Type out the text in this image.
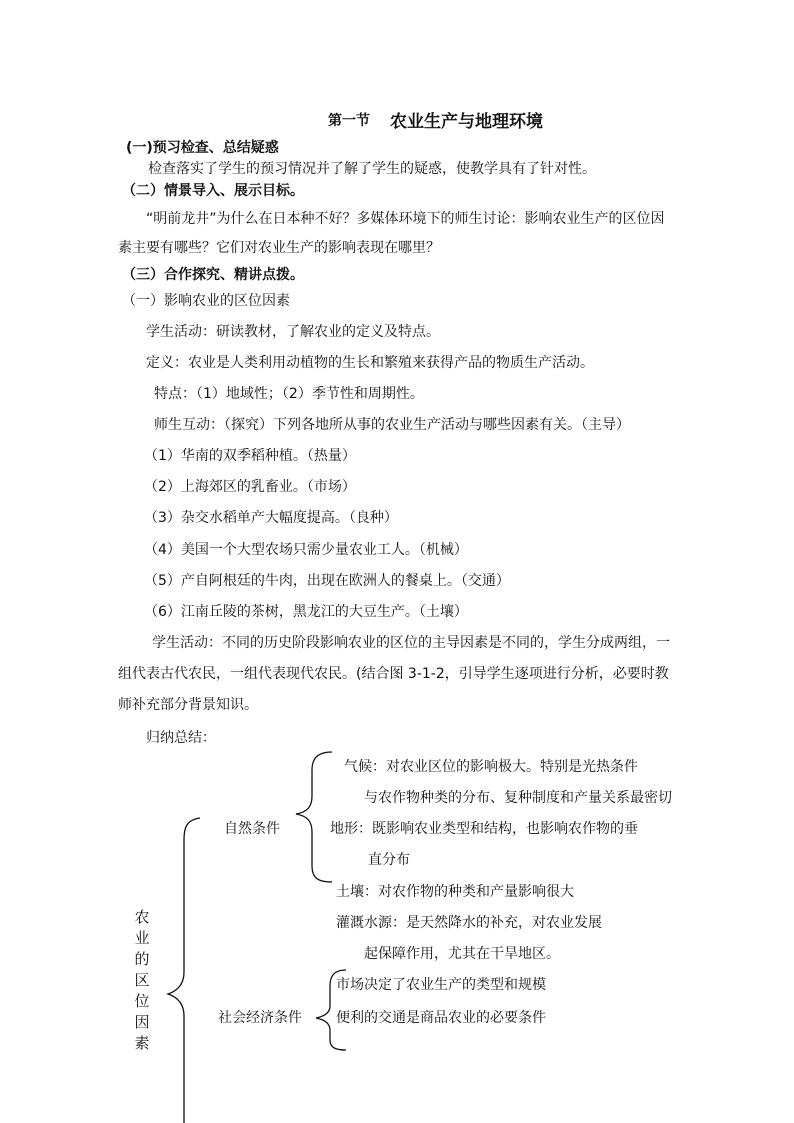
第一节 农业生产与地理环境
(一)预习检查、总结疑惑
检查落实了学生的预习情况并了解了学生的疑惑，使教学具有了针对性。
（二）情景导入、展示目标。
“明前龙井”为什么在日本种不好？多媒体环境下的师生讨论：影响农业生产的区位因
素主要有哪些？它们对农业生产的影响表现在哪里？
（三）合作探究、精讲点拨。
（一）影响农业的区位因素
学生活动：研读教材，了解农业的定义及特点。
定义：农业是人类利用动植物的生长和繁殖来获得产品的物质生产活动。
特点：（1）地域性；（2）季节性和周期性。
师生互动：（探究）下列各地所从事的农业生产活动与哪些因素有关。（主导）
（1）华南的双季稻种植。（热量）
（2）上海郊区的乳畜业。（市场）
（3）杂交水稻单产大幅度提高。（良种）
（4）美国一个大型农场只需少量农业工人。（机械）
（5）产自阿根廷的牛肉，出现在欧洲人的餐桌上。（交通）
（6）江南丘陵的茶树，黑龙江的大豆生产。（土壤）
学生活动：不同的历史阶段影响农业的区位的主导因素是不同的，学生分成两组，一
组代表古代农民，一组代表现代农民。(结合图 3-1-2，引导学生逐项进行分析，必要时教
师补充部分背景知识。
归纳总结：
农
业
的
区
位
因
素
自然条件
气候：对农业区位的影响极大。特别是光热条件
与农作物种类的分布、复种制度和产量关系最密切
地形：既影响农业类型和结构，也影响农作物的垂
直分布
土壤：对农作物的种类和产量影响很大
灌溉水源：是天然降水的补充，对农业发展
起保障作用，尤其在干旱地区。
社会经济条件
市场决定了农业生产的类型和规模
便利的交通是商品农业的必要条件
